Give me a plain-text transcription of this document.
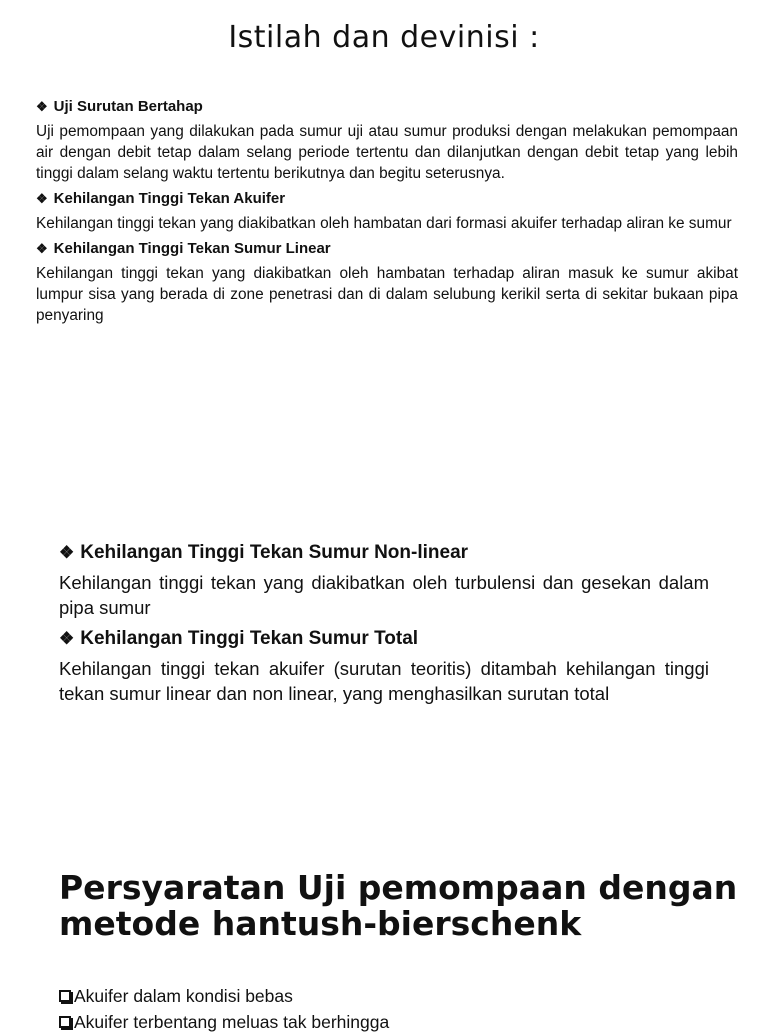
Istilah dan devinisi :
❖ Uji Surutan Bertahap

Uji pemompaan yang dilakukan pada sumur uji atau sumur produksi dengan melakukan pemompaan air dengan debit tetap dalam selang periode tertentu dan dilanjutkan dengan debit tetap yang lebih tinggi dalam selang waktu tertentu berikutnya dan begitu seterusnya.

❖ Kehilangan Tinggi Tekan Akuifer

Kehilangan tinggi tekan yang diakibatkan oleh hambatan dari formasi akuifer terhadap aliran ke sumur

❖ Kehilangan Tinggi Tekan Sumur Linear

Kehilangan tinggi tekan yang diakibatkan oleh hambatan terhadap aliran masuk ke sumur akibat lumpur sisa yang berada di zone penetrasi dan di dalam selubung kerikil serta di sekitar bukaan pipa penyaring

❖ Kehilangan Tinggi Tekan Sumur Non-linear

Kehilangan tinggi tekan yang diakibatkan oleh turbulensi dan gesekan dalam pipa sumur

❖ Kehilangan Tinggi Tekan Sumur Total

Kehilangan tinggi tekan akuifer (surutan teoritis) ditambah kehilangan tinggi tekan sumur linear dan non linear, yang menghasilkan surutan total

Persyaratan Uji pemompaan dengan metode hantush-bierschenk
Akuifer dalam kondisi bebas
Akuifer terbentang meluas tak berhingga
